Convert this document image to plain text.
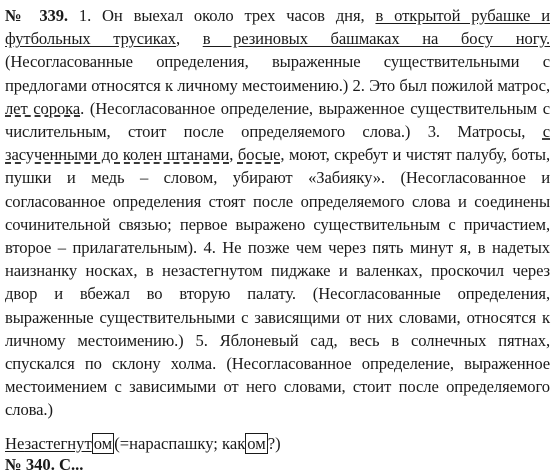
№ 339. 1. Он выехал около трех часов дня, в открытой рубашке и футбольных трусиках, в резиновых башмаках на босу ногу. (Несогласованные определения, выраженные существительными с предлогами относятся к личному местоимению.) 2. Это был пожилой матрос, лет сорока. (Несогласованное определение, выраженное существительным с числительным, стоит после определяемого слова.) 3. Матросы, с засученными до колен штанами, босые, моют, скребут и чистят палубу, боты, пушки и медь – словом, убирают «Забияку». (Несогласованное и согласованное определения стоят после определяемого слова и соединены сочинительной связью; первое выражено существительным с причастием, второе – прилагательным). 4. Не позже чем через пять минут я, в надетых наизнанку носках, в незастегнутом пиджаке и валенках, проскочил через двор и вбежал во вторую палату. (Несогласованные определения, выраженные существительными с зависящими от них словами, относятся к личному местоимению.) 5. Яблоневый сад, весь в солнечных пятнах, спускался по склону холма. (Несогласованное определение, выраженное местоимением с зависимыми от него словами, стоит после определяемого слова.)
Незастегнут ом (=нараспашку; как ом ?)
№ 340. С...
